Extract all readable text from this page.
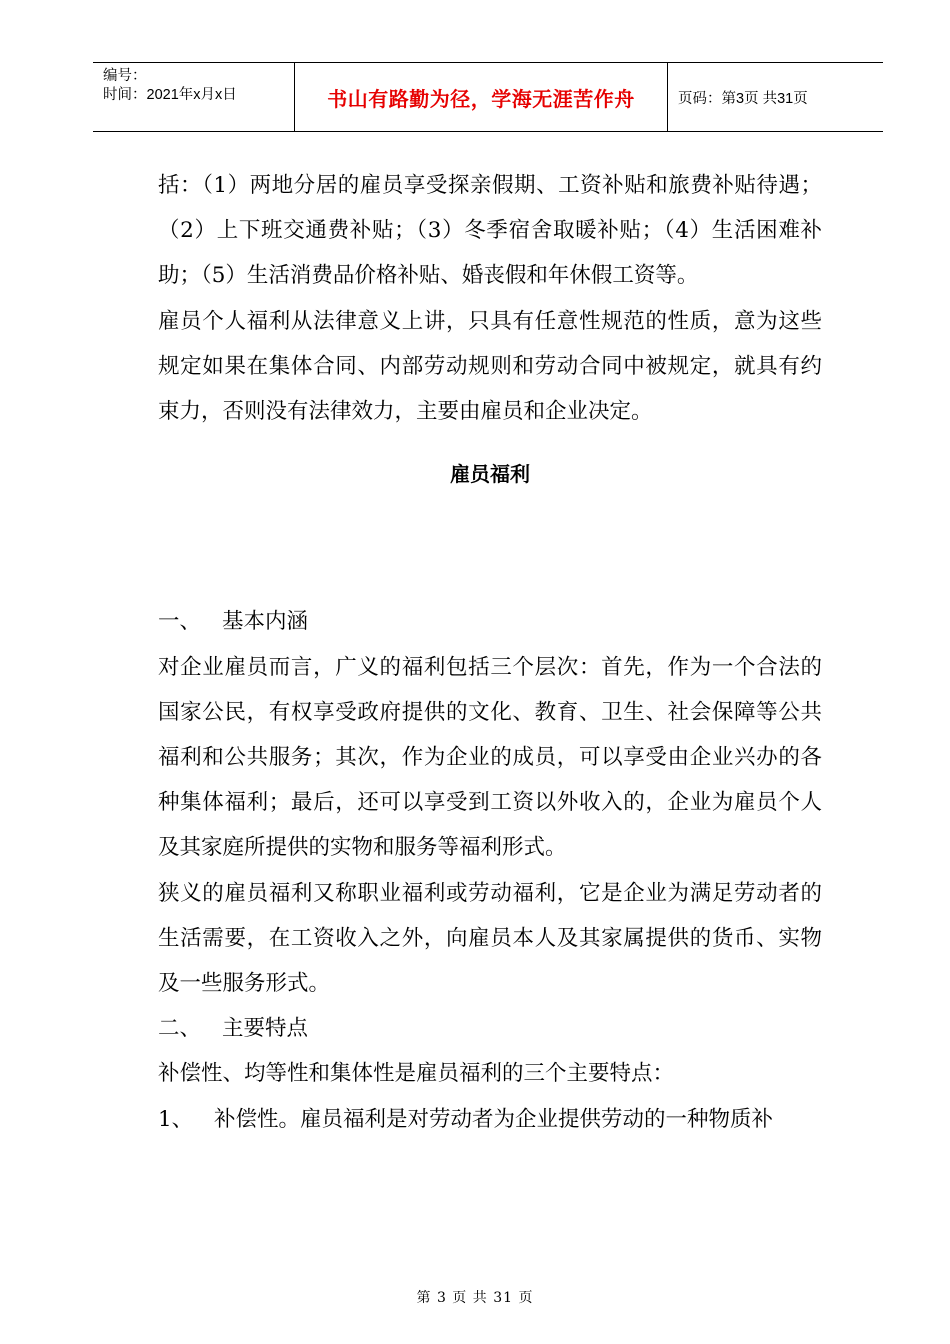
编号：
时间：2021年x月x日	书山有路勤为径，学海无涯苦作舟	页码：第3页 共31页

括：（1）两地分居的雇员享受探亲假期、工资补贴和旅费补贴待遇；（2）上下班交通费补贴；（3）冬季宿舍取暖补贴；（4）生活困难补助；（5）生活消费品价格补贴、婚丧假和年休假工资等。

雇员个人福利从法律意义上讲，只具有任意性规范的性质，意为这些规定如果在集体合同、内部劳动规则和劳动合同中被规定，就具有约束力，否则没有法律效力，主要由雇员和企业决定。

雇员福利

一、 基本内涵

对企业雇员而言，广义的福利包括三个层次：首先，作为一个合法的国家公民，有权享受政府提供的文化、教育、卫生、社会保障等公共福利和公共服务；其次，作为企业的成员，可以享受由企业兴办的各种集体福利；最后，还可以享受到工资以外收入的，企业为雇员个人及其家庭所提供的实物和服务等福利形式。

狭义的雇员福利又称职业福利或劳动福利，它是企业为满足劳动者的生活需要，在工资收入之外，向雇员本人及其家属提供的货币、实物及一些服务形式。

二、 主要特点

补偿性、均等性和集体性是雇员福利的三个主要特点：

1、 补偿性。雇员福利是对劳动者为企业提供劳动的一种物质补

第 3 页 共 31 页
